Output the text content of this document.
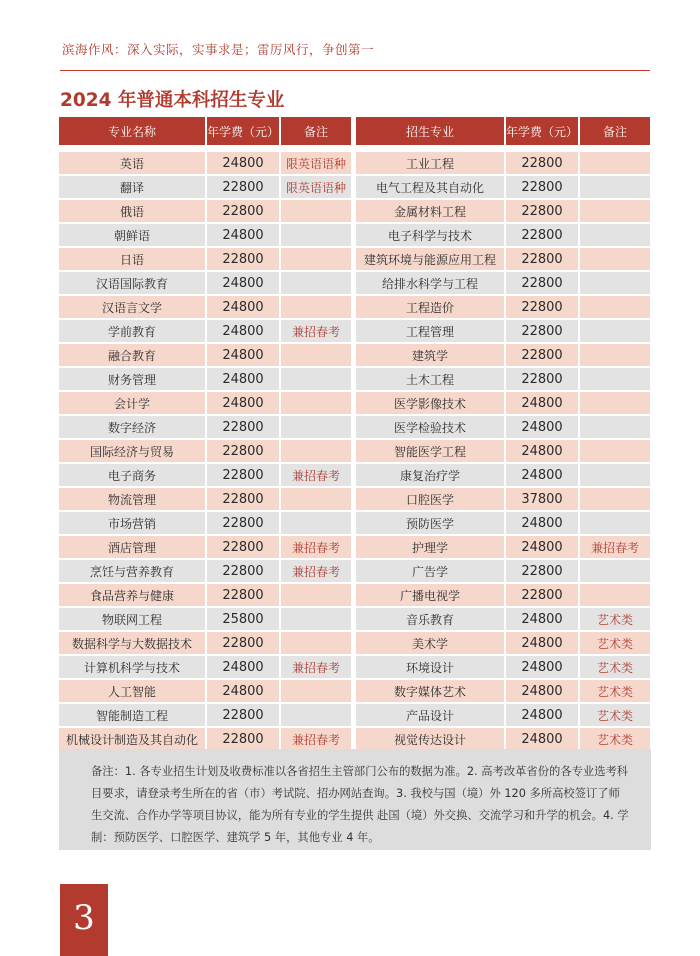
滨海作风：深入实际，实事求是；雷厉风行，争创第一
2024 年普通本科招生专业
专业名称	年学费（元）	备注

英语	24800	限英语语种
翻译	22800	限英语语种
俄语	22800	
朝鲜语	24800	
日语	22800	
汉语国际教育	24800	
汉语言文学	24800	
学前教育	24800	兼招春考
融合教育	24800	
财务管理	24800	
会计学	24800	
数字经济	22800	
国际经济与贸易	22800	
电子商务	22800	兼招春考
物流管理	22800	
市场营销	22800	
酒店管理	22800	兼招春考
烹饪与营养教育	22800	兼招春考
食品营养与健康	22800	
物联网工程	25800	
数据科学与大数据技术	22800	
计算机科学与技术	24800	兼招春考
人工智能	24800	
智能制造工程	22800	
机械设计制造及其自动化	22800	兼招春考
招生专业	年学费（元）	备注

工业工程	22800	
电气工程及其自动化	22800	
金属材料工程	22800	
电子科学与技术	22800	
建筑环境与能源应用工程	22800	
给排水科学与工程	22800	
工程造价	22800	
工程管理	22800	
建筑学	22800	
土木工程	22800	
医学影像技术	24800	
医学检验技术	24800	
智能医学工程	24800	
康复治疗学	24800	
口腔医学	37800	
预防医学	24800	
护理学	24800	兼招春考
广告学	22800	
广播电视学	22800	
音乐教育	24800	艺术类
美术学	24800	艺术类
环境设计	24800	艺术类
数字媒体艺术	24800	艺术类
产品设计	24800	艺术类
视觉传达设计	24800	艺术类
备注：1. 各专业招生计划及收费标准以各省招生主管部门公布的数据为准。2. 高考改革省份的各专业选考科目要求，请登录考生所在的省（市）考试院、招办网站查询。3. 我校与国（境）外 120 多所高校签订了师生交流、合作办学等项目协议，能为所有专业的学生提供 赴国（境）外交换、交流学习和升学的机会。4. 学制：预防医学、口腔医学、建筑学 5 年，其他专业 4 年。
3
